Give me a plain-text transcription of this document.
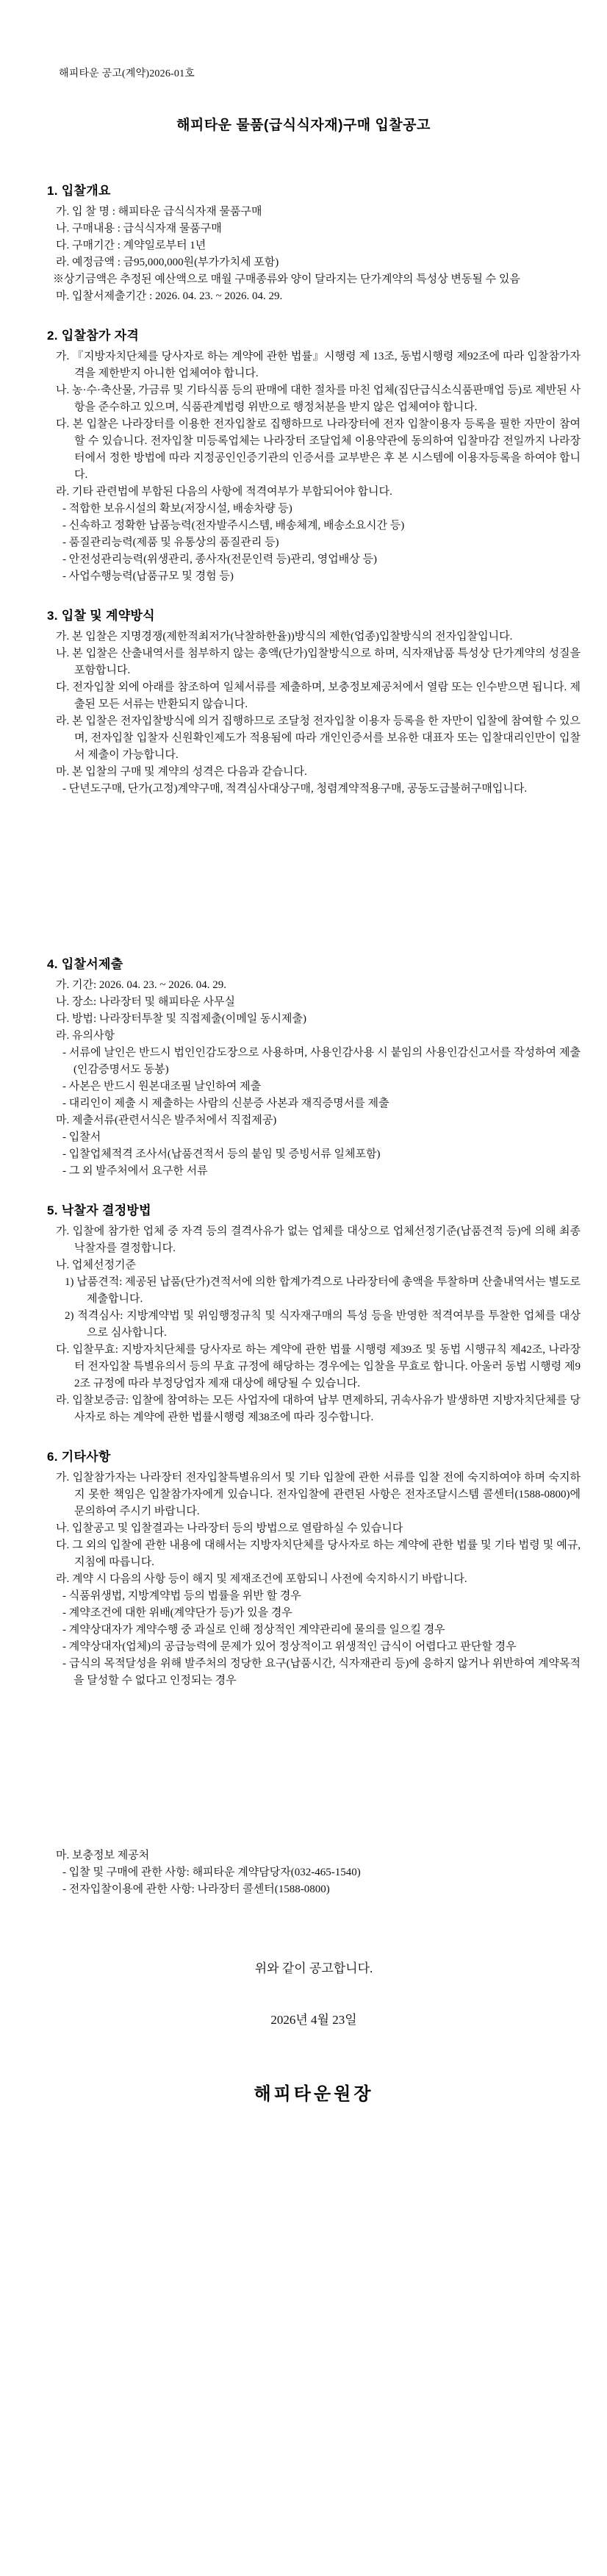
해피타운 공고(계약)2026-01호
해피타운 물품(급식식자재)구매 입찰공고
1. 입찰개요
가. 입 찰 명 : 해피타운 급식식자재 물품구매
나. 구매내용 : 급식식자재 물품구매
다. 구매기간 : 계약일로부터 1년
라. 예정금액 : 금95,000,000원(부가가치세 포함)
※상기금액은 추정된 예산액으로 매월 구매종류와 양이 달라지는 단가계약의 특성상 변동될 수 있음
마. 입찰서제출기간 : 2026. 04. 23. ~ 2026. 04. 29.
2. 입찰참가 자격
가. 『지방자치단체를 당사자로 하는 계약에 관한 법률』시행령 제 13조, 동법시행령 제92조에 따라 입찰참가자격을 제한받지 아니한 업체여야 합니다.
나. 농·수·축산물, 가금류 및 기타식품 등의 판매에 대한 절차를 마친 업체(집단급식소식품판매업 등)로 제반된 사항을 준수하고 있으며, 식품관계법령 위반으로 행정처분을 받지 않은 업체여야 합니다.
다. 본 입찰은 나라장터를 이용한 전자입찰로 집행하므로 나라장터에 전자 입찰이용자 등록을 필한 자만이 참여할 수 있습니다. 전자입찰 미등록업체는 나라장터 조달업체 이용약관에 동의하여 입찰마감 전일까지 나라장터에서 정한 방법에 따라 지정공인인증기관의 인증서를 교부받은 후 본 시스템에 이용자등록을 하여야 합니다.
라. 기타 관련법에 부합된 다음의 사항에 적격여부가 부합되어야 합니다.
- 적합한 보유시설의 확보(저장시설, 배송차량 등)
- 신속하고 정확한 납품능력(전자발주시스템, 배송체계, 배송소요시간 등)
- 품질관리능력(제품 및 유통상의 품질관리 등)
- 안전성관리능력(위생관리, 종사자(전문인력 등)관리, 영업배상 등)
- 사업수행능력(납품규모 및 경험 등)
3. 입찰 및 계약방식
가. 본 입찰은 지명경쟁(제한적최저가(낙찰하한율))방식의 제한(업종)입찰방식의 전자입찰입니다.
나. 본 입찰은 산출내역서를 첨부하지 않는 총액(단가)입찰방식으로 하며, 식자재납품 특성상 단가계약의 성질을 포함합니다.
다. 전자입찰 외에 아래를 참조하여 일체서류를 제출하며, 보충정보제공처에서 열람 또는 인수받으면 됩니다. 제출된 모든 서류는 반환되지 않습니다.
라. 본 입찰은 전자입찰방식에 의거 집행하므로 조달청 전자입찰 이용자 등록을 한 자만이 입찰에 참여할 수 있으며, 전자입찰 입찰자 신원확인제도가 적용됨에 따라 개인인증서를 보유한 대표자 또는 입찰대리인만이 입찰서 제출이 가능합니다.
마. 본 입찰의 구매 및 계약의 성격은 다음과 같습니다.
- 단년도구매, 단가(고정)계약구매, 적격심사대상구매, 청렴계약적용구매, 공동도급불허구매입니다.
4. 입찰서제출
가. 기간: 2026. 04. 23. ~ 2026. 04. 29.
나. 장소: 나라장터 및 해피타운 사무실
다. 방법: 나라장터투찰 및 직접제출(이메일 동시제출)
라. 유의사항
- 서류에 날인은 반드시 법인인감도장으로 사용하며, 사용인감사용 시 붙임의 사용인감신고서를 작성하여 제출(인감증명서도 동봉)
- 사본은 반드시 원본대조필 날인하여 제출
- 대리인이 제출 시 제출하는 사람의 신분증 사본과 재직증명서를 제출
마. 제출서류(관련서식은 발주처에서 직접제공)
- 입찰서
- 입찰업체적격 조사서(납품견적서 등의 붙임 및 증빙서류 일체포함)
- 그 외 발주처에서 요구한 서류
5. 낙찰자 결정방법
가. 입찰에 참가한 업체 중 자격 등의 결격사유가 없는 업체를 대상으로 업체선정기준(납품견적 등)에 의해 최종낙찰자를 결정합니다.
나. 업체선정기준
1) 납품견적: 제공된 납품(단가)견적서에 의한 합계가격으로 나라장터에 총액을 투찰하며 산출내역서는 별도로 제출합니다.
2) 적격심사: 지방계약법 및 위임행정규칙 및 식자재구매의 특성 등을 반영한 적격여부를 투찰한 업체를 대상으로 심사합니다.
다. 입찰무효: 지방자치단체를 당사자로 하는 계약에 관한 법률 시행령 제39조 및 동법 시행규칙 제42조, 나라장터 전자입찰 특별유의서 등의 무효 규정에 해당하는 경우에는 입찰을 무효로 합니다. 아울러 동법 시행령 제92조 규정에 따라 부정당업자 제재 대상에 해당될 수 있습니다.
라. 입찰보증금: 입찰에 참여하는 모든 사업자에 대하여 납부 면제하되, 귀속사유가 발생하면 지방자치단체를 당사자로 하는 계약에 관한 법률시행령 제38조에 따라 징수합니다.
6. 기타사항
가. 입찰참가자는 나라장터 전자입찰특별유의서 및 기타 입찰에 관한 서류를 입찰 전에 숙지하여야 하며 숙지하지 못한 책임은 입찰참가자에게 있습니다. 전자입찰에 관련된 사항은 전자조달시스템 콜센터(1588-0800)에 문의하여 주시기 바랍니다.
나. 입찰공고 및 입찰결과는 나라장터 등의 방법으로 열람하실 수 있습니다
다. 그 외의 입찰에 관한 내용에 대해서는 지방자치단체를 당사자로 하는 계약에 관한 법률 및 기타 법령 및 예규, 지침에 따릅니다.
라. 계약 시 다음의 사항 등이 해지 및 제재조건에 포함되니 사전에 숙지하시기 바랍니다.
- 식품위생법, 지방계약법 등의 법률을 위반 할 경우
- 계약조건에 대한 위배(계약단가 등)가 있을 경우
- 계약상대자가 계약수행 중 과실로 인해 정상적인 계약관리에 물의를 일으킬 경우
- 계약상대자(업체)의 공급능력에 문제가 있어 정상적이고 위생적인 급식이 어렵다고 판단할 경우
- 급식의 목적달성을 위해 발주처의 정당한 요구(납품시간, 식자재관리 등)에 응하지 않거나 위반하여 계약목적을 달성할 수 없다고 인정되는 경우
마. 보충정보 제공처
- 입찰 및 구매에 관한 사항: 해피타운 계약담당자(032-465-1540)
- 전자입찰이용에 관한 사항: 나라장터 콜센터(1588-0800)
위와 같이 공고합니다.
2026년 4월 23일
해피타운원장
